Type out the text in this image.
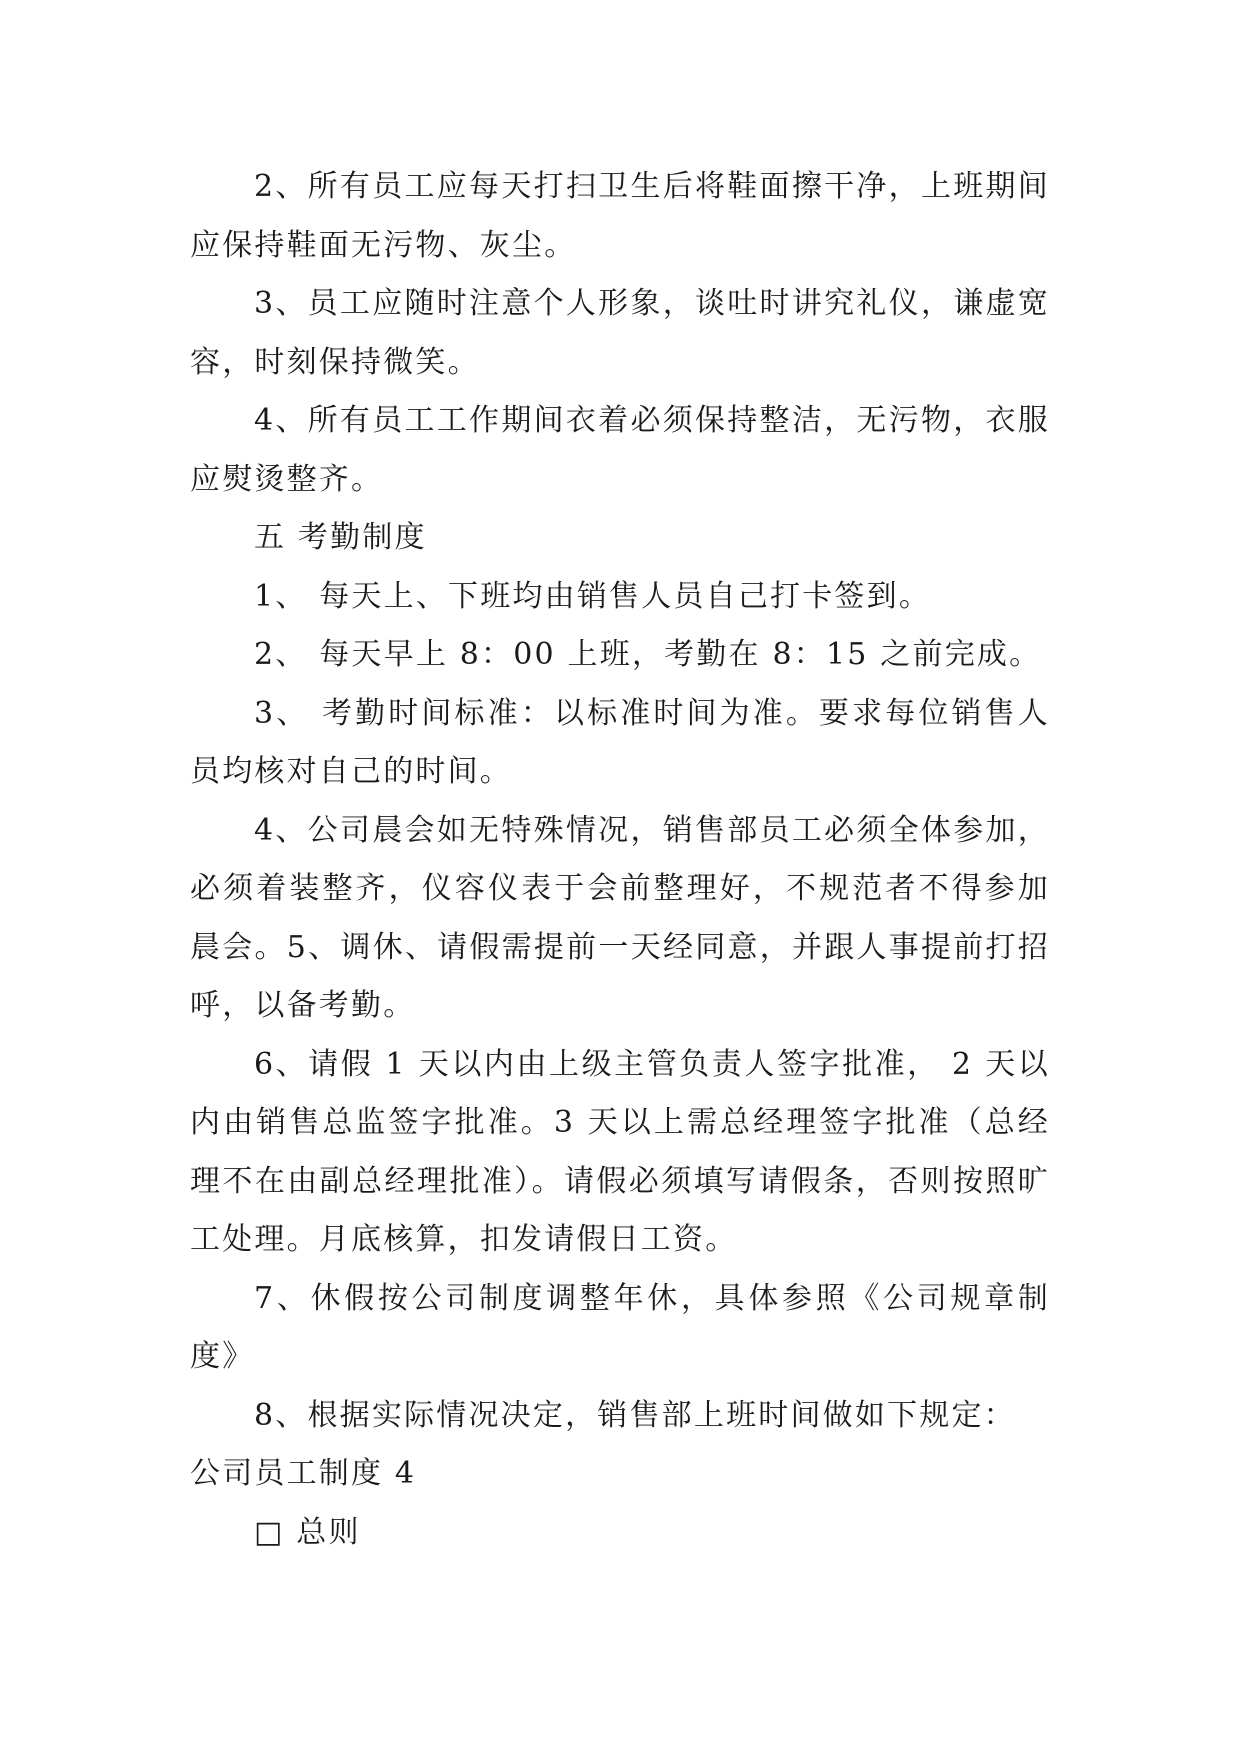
2、所有员工应每天打扫卫生后将鞋面擦干净，上班期间应保持鞋面无污物、灰尘。

3、员工应随时注意个人形象，谈吐时讲究礼仪，谦虚宽容，时刻保持微笑。

4、所有员工工作期间衣着必须保持整洁，无污物，衣服应熨烫整齐。

五 考勤制度

1、 每天上、下班均由销售人员自己打卡签到。

2、 每天早上 8：00 上班，考勤在 8：15 之前完成。

3、 考勤时间标准：以标准时间为准。要求每位销售人员均核对自己的时间。

4、公司晨会如无特殊情况，销售部员工必须全体参加，必须着装整齐，仪容仪表于会前整理好，不规范者不得参加晨会。5、调休、请假需提前一天经同意，并跟人事提前打招呼，以备考勤。

6、请假 1 天以内由上级主管负责人签字批准， 2 天以内由销售总监签字批准。3 天以上需总经理签字批准（总经理不在由副总经理批准）。请假必须填写请假条，否则按照旷工处理。月底核算，扣发请假日工资。

7、休假按公司制度调整年休，具体参照《公司规章制度》

8、根据实际情况决定，销售部上班时间做如下规定：

公司员工制度 4

□ 总则
